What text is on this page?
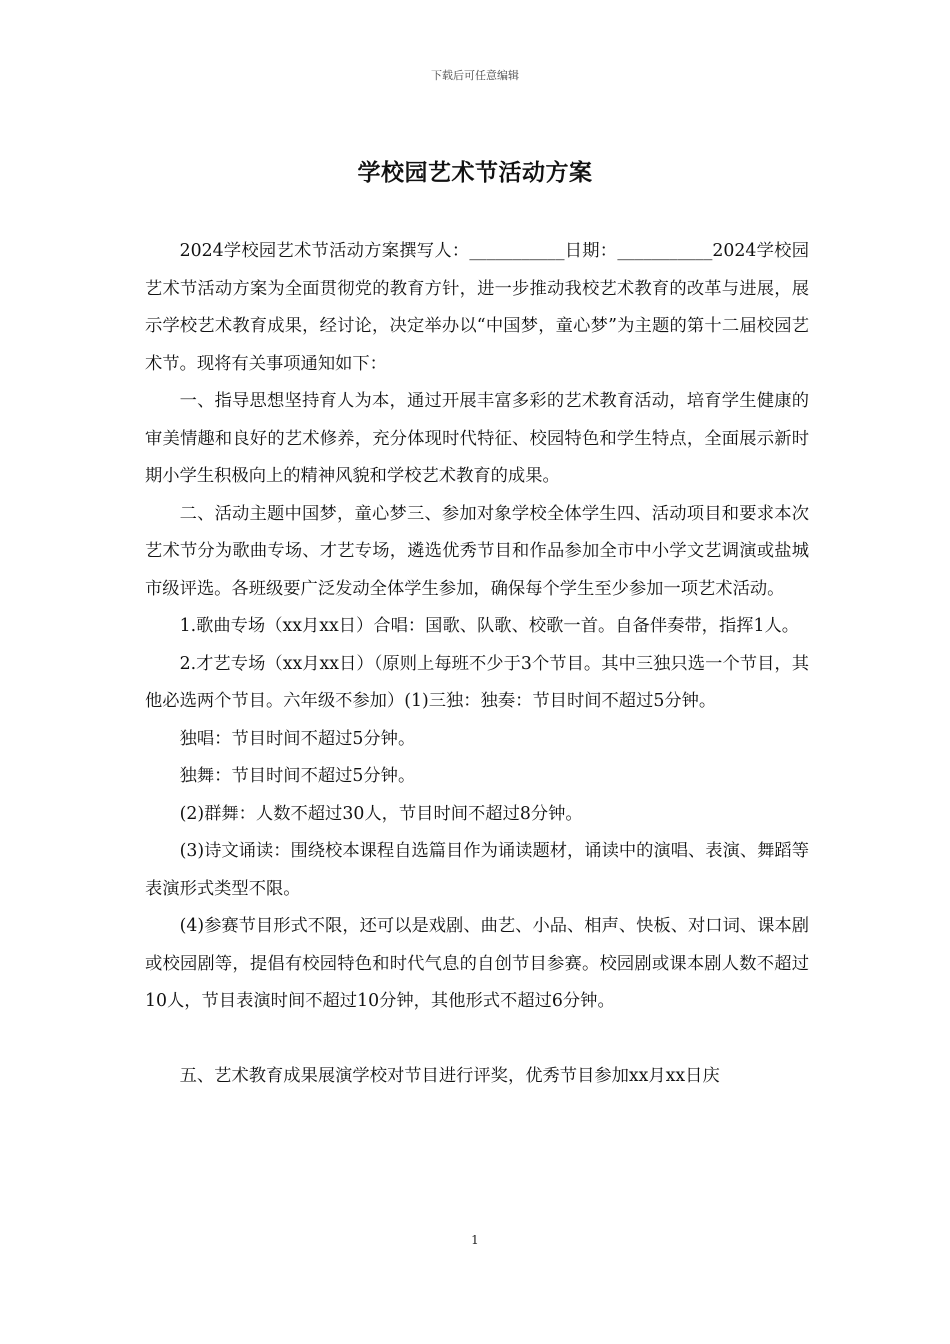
下载后可任意编辑
学校园艺术节活动方案

2024学校园艺术节活动方案撰写人：___________日期：___________2024学校园艺术节活动方案为全面贯彻党的教育方针，进一步推动我校艺术教育的改革与进展，展示学校艺术教育成果，经讨论，决定举办以“中国梦，童心梦”为主题的第十二届校园艺术节。现将有关事项通知如下：

一、指导思想坚持育人为本，通过开展丰富多彩的艺术教育活动，培育学生健康的审美情趣和良好的艺术修养，充分体现时代特征、校园特色和学生特点，全面展示新时期小学生积极向上的精神风貌和学校艺术教育的成果。

二、活动主题中国梦，童心梦三、参加对象学校全体学生四、活动项目和要求本次艺术节分为歌曲专场、才艺专场，遴选优秀节目和作品参加全市中小学文艺调演或盐城市级评选。各班级要广泛发动全体学生参加，确保每个学生至少参加一项艺术活动。

1.歌曲专场（xx月xx日）合唱：国歌、队歌、校歌一首。自备伴奏带，指挥1人。

2.才艺专场（xx月xx日）（原则上每班不少于3个节目。其中三独只选一个节目，其他必选两个节目。六年级不参加）(1)三独：独奏：节目时间不超过5分钟。

独唱：节目时间不超过5分钟。

独舞：节目时间不超过5分钟。

(2)群舞：人数不超过30人，节目时间不超过8分钟。

(3)诗文诵读：围绕校本课程自选篇目作为诵读题材，诵读中的演唱、表演、舞蹈等表演形式类型不限。

(4)参赛节目形式不限，还可以是戏剧、曲艺、小品、相声、快板、对口词、课本剧或校园剧等，提倡有校园特色和时代气息的自创节目参赛。校园剧或课本剧人数不超过10人，节目表演时间不超过10分钟，其他形式不超过6分钟。

五、艺术教育成果展演学校对节目进行评奖，优秀节目参加xx月xx日庆

1
